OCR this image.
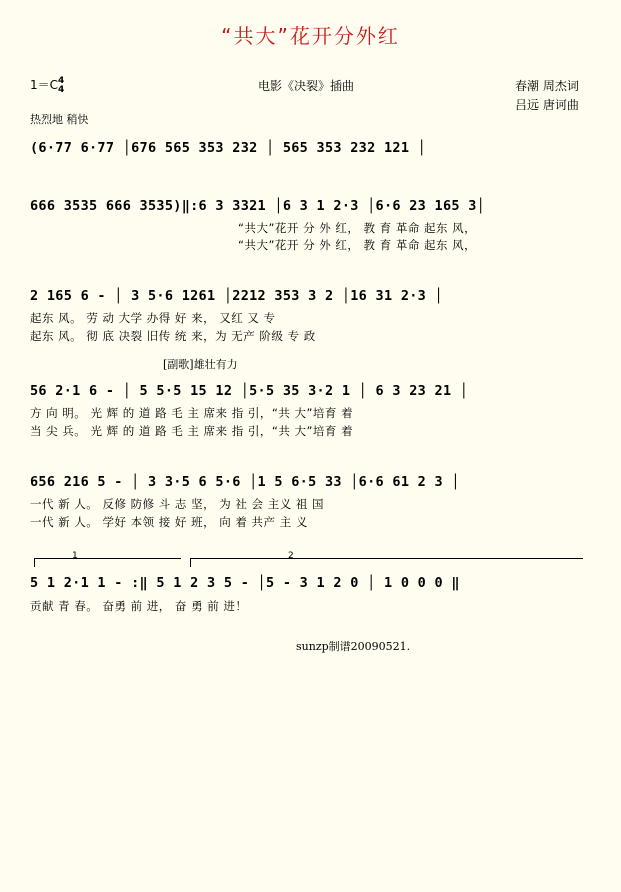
“共大”花开分外红
1＝C4
4	电影《决裂》插曲	春潮 周杰词
吕远 唐诃曲
热烈地 稍快
(6·77 6·77 │676 565 353 232 │ 565 353 232 121 │
666 3535 666 3535)‖:6 3 3321 │6 3 1 2·3 │6·6 23 165 3│
“共大”花开 分 外 红， 教 育 革命 起东 风，
“共大”花开 分 外 红， 教 育 革命 起东 风，
2 165 6 - │ 3 5·6 1261 │2212 353 3 2 │16 31 2·3 │
起东 风。 劳 动 大学 办得 好 来， 又红 又 专
起东 风。 彻 底 决裂 旧传 统 来，为 无产 阶级 专 政
[副歌]雄壮有力
56 2·1 6 - │ 5 5·5 15 12 │5·5 35 3·2 1 │ 6 3 23 21 │
方 向 明。 光 辉 的 道 路 毛 主 席来 指 引，“共 大”培育 着
当 尖 兵。 光 辉 的 道 路 毛 主 席来 指 引，“共 大”培育 着
656 216 5 - │ 3 3·5 6 5·6 │1 5 6·5 33 │6·6 61 2 3 │
一代 新 人。 反修 防修 斗 志 坚， 为 社 会 主义 祖 国
一代 新 人。 学好 本领 接 好 班， 向 着 共产 主 义
1	2
5 1 2·1 1 - :‖ 5 1 2 3 5 - │5 - 3 1 2 0 │ 1 0 0 0 ‖
贡献 青 春。 奋勇 前 进， 奋 勇 前 进！
sunzp制谱20090521.
